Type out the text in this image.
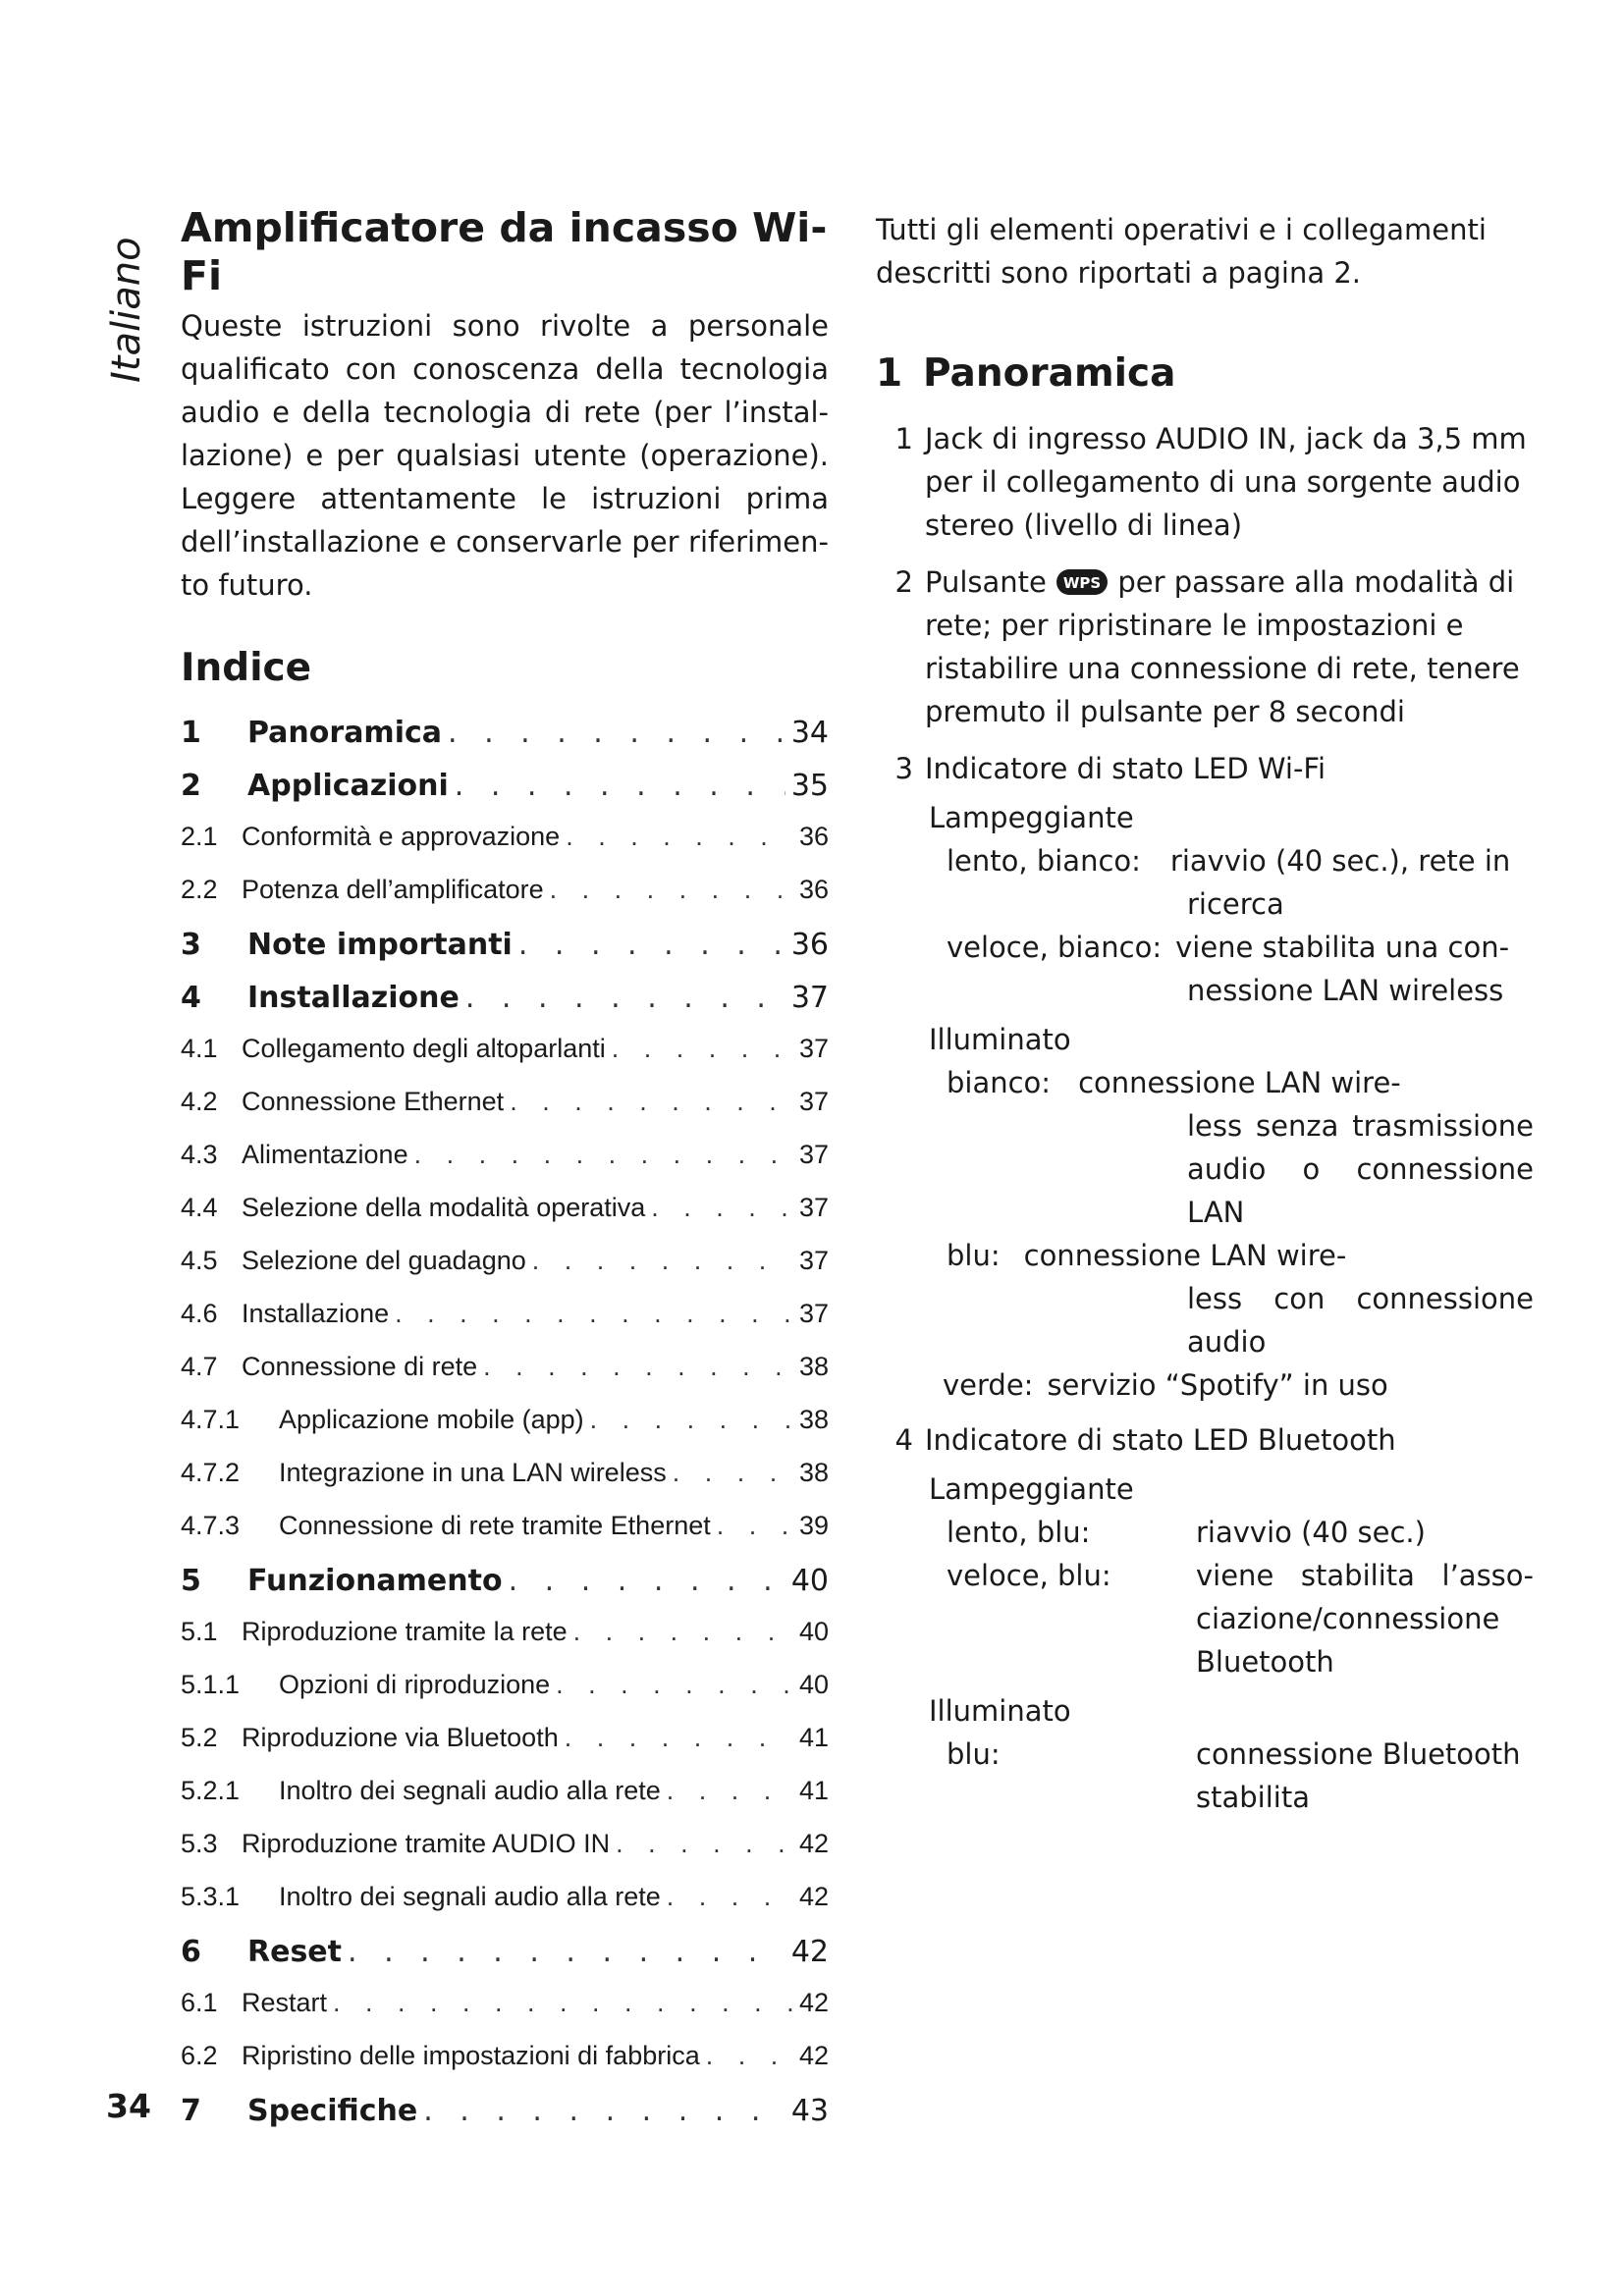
Italiano
Amplificatore da incasso Wi-Fi

Queste istruzioni sono rivolte a personale qualificato con conoscenza della tecnologia audio e della tecnologia di rete (per l’installazione) e per qualsiasi utente (operazione). Leggere attentamente le istruzioni prima dell’installazione e conservarle per riferimento futuro.

Indice
1	Panoramica . . .	34
2	Applicazioni . . .	35
2.1 Conformità e approvazione . . .	36
2.2 Potenza dell’amplificatore . . .	36
3	Note importanti . . .	36
4	Installazione . . .	37
4.1 Collegamento degli altoparlanti . . .	37
4.2 Connessione Ethernet . . .	37
4.3 Alimentazione . . .	37
4.4 Selezione della modalità operativa . . .	37
4.5 Selezione del guadagno . . .	37
4.6 Installazione . . .	37
4.7 Connessione di rete . . .	38
4.7.1	Applicazione mobile (app) . . .	38
4.7.2	Integrazione in una LAN wireless . . .	38
4.7.3	Connessione di rete tramite Ethernet . . .	39
5	Funzionamento . . .	40
5.1 Riproduzione tramite la rete . . .	40
5.1.1	Opzioni di riproduzione . . .	40
5.2 Riproduzione via Bluetooth . . .	41
5.2.1	Inoltro dei segnali audio alla rete . . .	41
5.3 Riproduzione tramite AUDIO IN . . .	42
5.3.1	Inoltro dei segnali audio alla rete . . .	42
6	Reset . . .	42
6.1 Restart . . .	42
6.2 Ripristino delle impostazioni di fabbrica . . .	42
7	Specifiche . . .	43

Tutti gli elementi operativi e i collegamenti descritti sono riportati a pagina 2.

1 Panoramica
1 Jack di ingresso AUDIO IN, jack da 3,5 mm per il collegamento di una sorgente audio stereo (livello di linea)
2 Pulsante WPS per passare alla modalità di rete; per ripristinare le impostazioni e ristabilire una connessione di rete, tenere premuto il pulsante per 8 secondi
3 Indicatore di stato LED Wi-Fi
Lampeggiante
lento, bianco:	riavvio (40 sec.), rete in
ricerca
veloce, bianco: viene stabilita una con-
nessione LAN wireless
Illuminato
bianco: connessione LAN wire-
less senza trasmissione audio o connessione LAN
blu: connessione LAN wire-
less con connessione audio
verde: servizio “Spotify” in uso
4 Indicatore di stato LED Bluetooth
Lampeggiante
lento, blu:	riavvio (40 sec.)
veloce, blu:	viene stabilita l’associazione/connessione Bluetooth
Illuminato
blu:	connessione Bluetooth stabilita
34
